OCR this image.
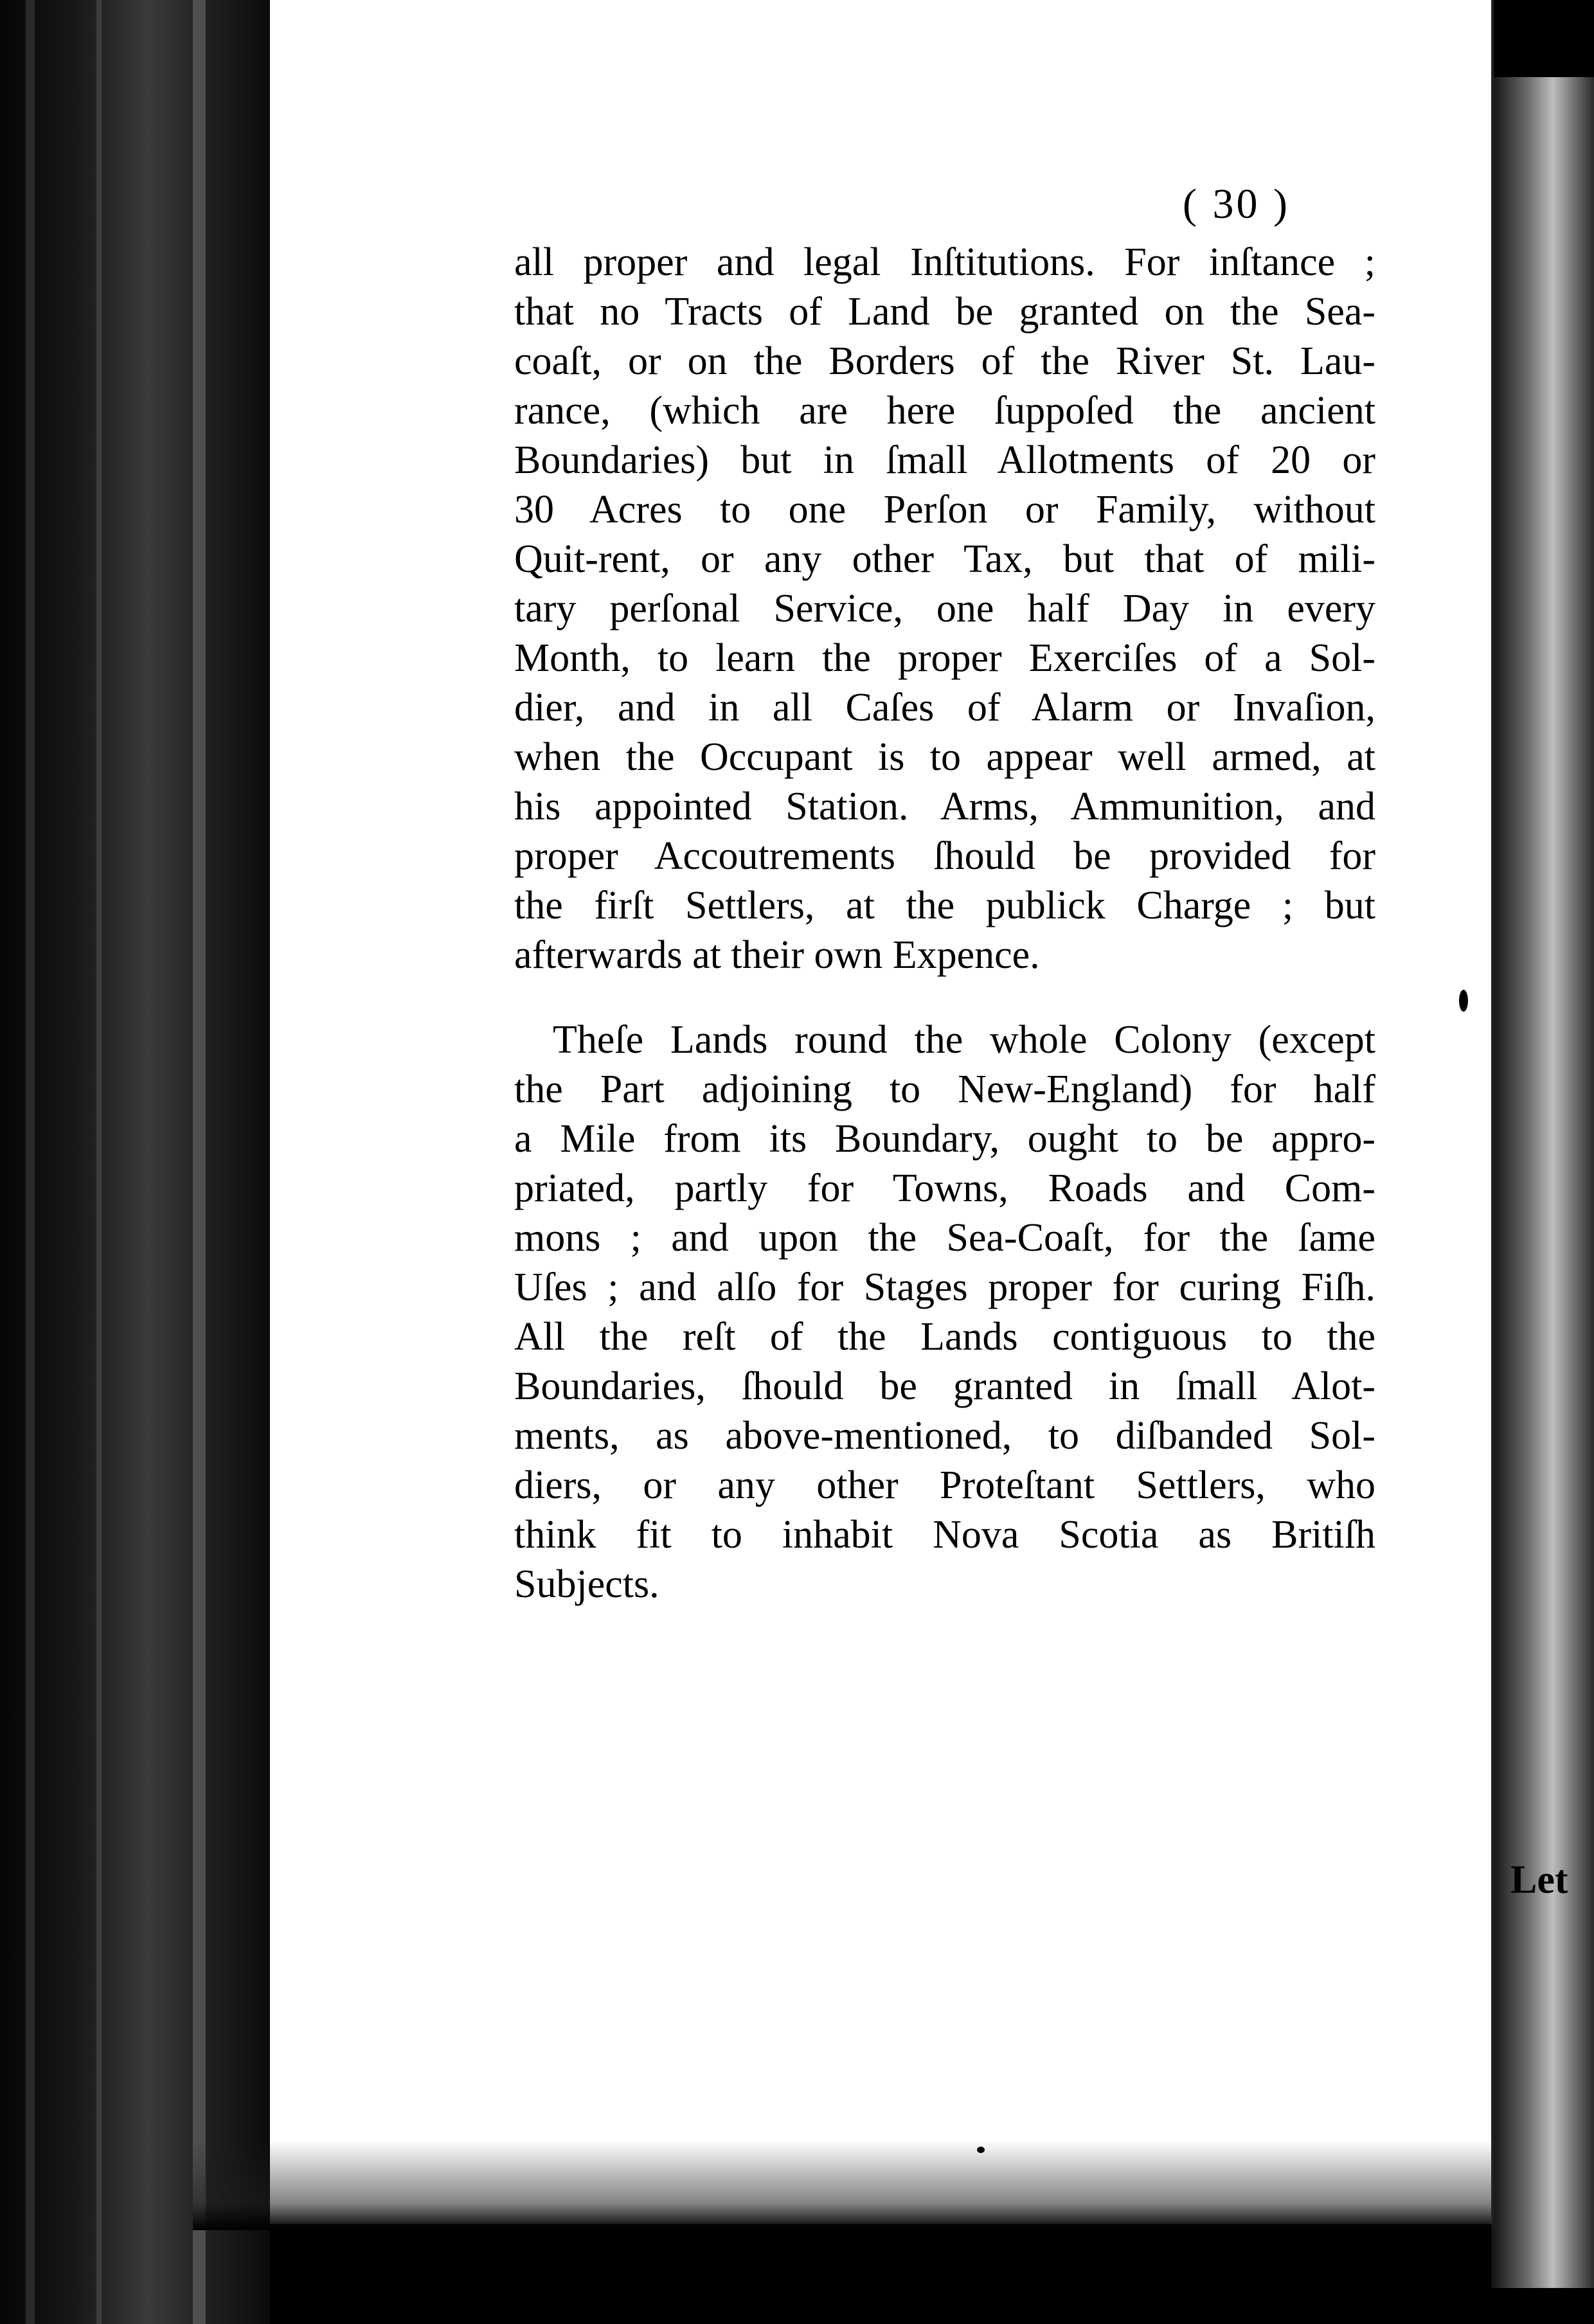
( 30 )
all proper and legal Inſtitutions. For inſtance ;
that no Tracts of Land be granted on the Sea-
coaſt, or on the Borders of the River St. Lau-
rance, (which are here ſuppoſed the ancient
Boundaries) but in ſmall Allotments of 20 or
30 Acres to one Perſon or Family, without
Quit-rent, or any other Tax, but that of mili-
tary perſonal Service, one half Day in every
Month, to learn the proper Exerciſes of a Sol-
dier, and in all Caſes of Alarm or Invaſion,
when the Occupant is to appear well armed, at
his appointed Station. Arms, Ammunition, and
proper Accoutrements ſhould be provided for
the firſt Settlers, at the publick Charge ; but
afterwards at their own Expence.
Theſe Lands round the whole Colony (except
the Part adjoining to New-England) for half
a Mile from its Boundary, ought to be appro-
priated, partly for Towns, Roads and Com-
mons ; and upon the Sea-Coaſt, for the ſame
Uſes ; and alſo for Stages proper for curing Fiſh.
All the reſt of the Lands contiguous to the
Boundaries, ſhould be granted in ſmall Alot-
ments, as above-mentioned, to diſbanded Sol-
diers, or any other Proteſtant Settlers, who
think fit to inhabit Nova Scotia as Britiſh
Subjects.
Let
